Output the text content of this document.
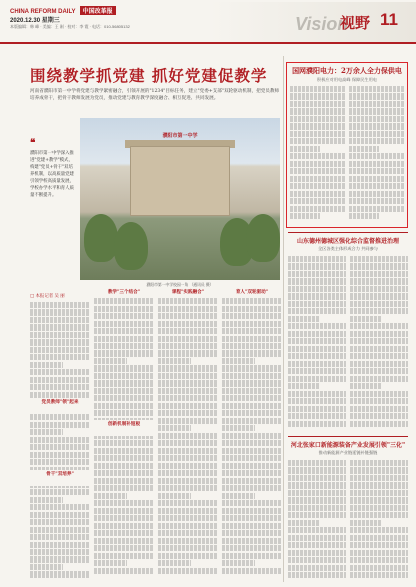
CHINA REFORM DAILY 中国改革报
2020.12.30 星期三
本版编辑：韩 峰 · 美编：王 刚 · 校对：李 霞 · 电话：010-56805132	Vision
视野 11
围绕教学抓党建 抓好党建促教学
河南省濮阳市第一中学将党建与教学紧密融合，引领开展的"1234"目标任务，建立"党委+支部"双轮驱动机制，把党员教师培养成骨干，把骨干教师发展为党员，推动党建与教育教学深度融合、相互促进、共同发展。
❝
濮阳市第一中学深入推进"党建+教学"模式，构建"党员+骨干"双培养机制，以高质量党建引领学校高质量发展，学校办学水平和育人质量不断提升。
濮阳市第一中学
濮阳市第一中学校园一角 （通讯员 摄）
□ 本报记者 吴 丽
教学"三个结合"	课程"实践融合"	育人"双轮驱动"
党员教师"领"起来
创新机制补短板
骨干"双培养"
国网濮阳电力：2万余人全力保供电
积极应对用电高峰 保障民生用电
山东德州德城区强化综合监督推进治理
全区各类主体形成合力 共同参与
河北张家口新能源装备产业发展引领"三化"
推动新能源产业链延链补链强链
